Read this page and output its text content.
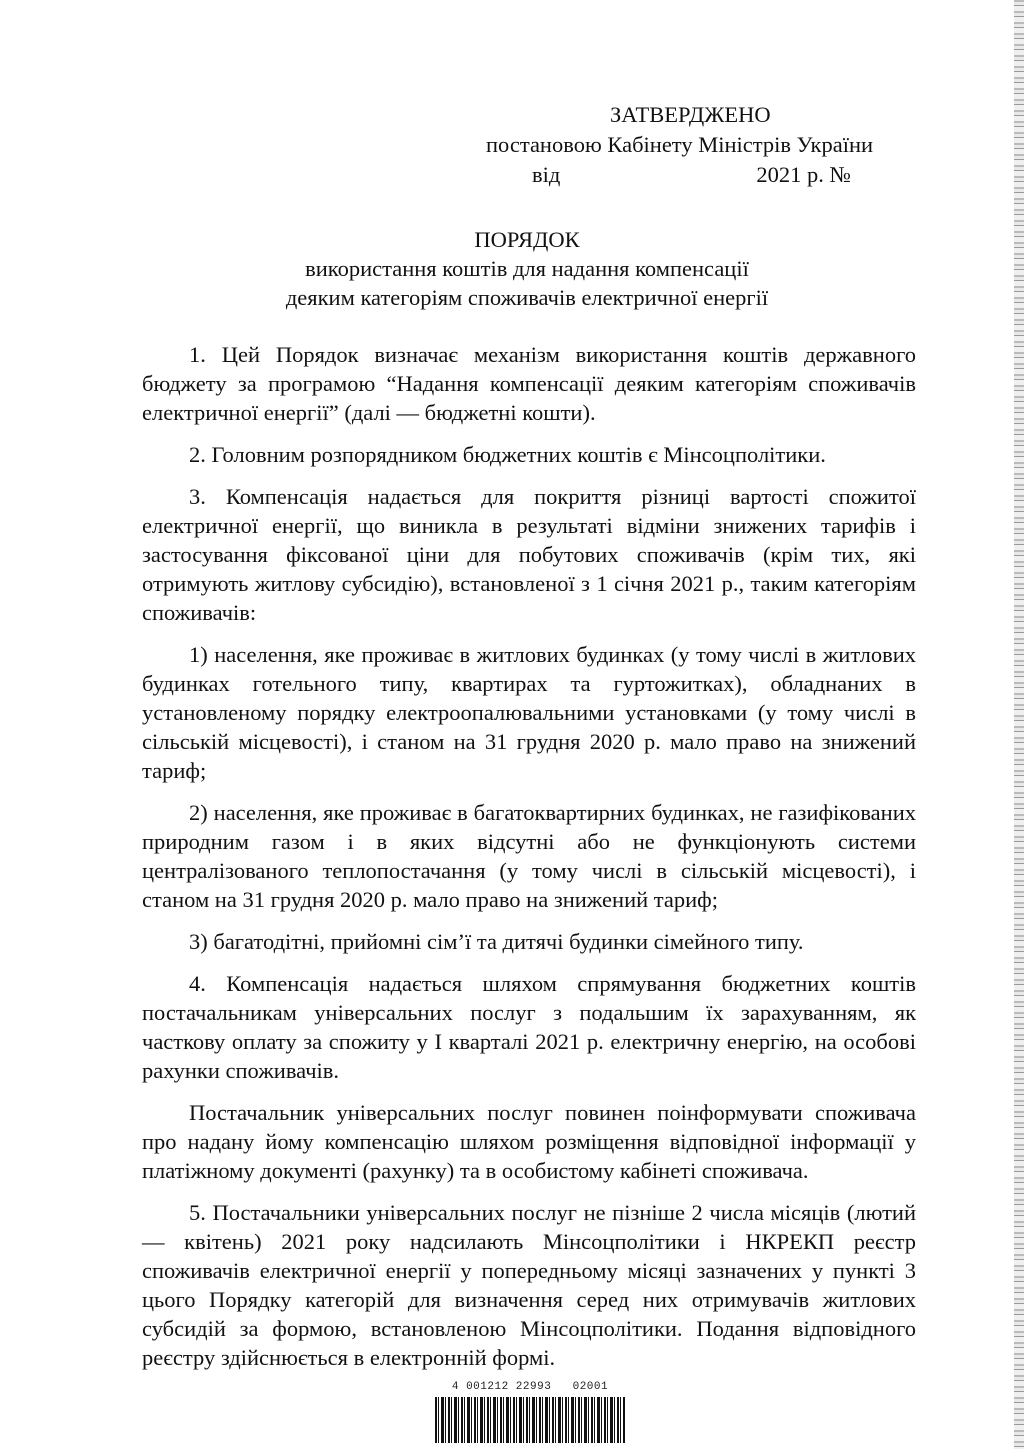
ЗАТВЕРДЖЕНО
постановою Кабінету Міністрів України
від	2021 р. №
ПОРЯДОК
використання коштів для надання компенсації
деяким категоріям споживачів електричної енергії

1. Цей Порядок визначає механізм використання коштів державного бюджету за програмою “Надання компенсації деяким категоріям споживачів електричної енергії” (далі — бюджетні кошти).

2. Головним розпорядником бюджетних коштів є Мінсоцполітики.

3. Компенсація надається для покриття різниці вартості спожитої електричної енергії, що виникла в результаті відміни знижених тарифів і застосування фіксованої ціни для побутових споживачів (крім тих, які отримують житлову субсидію), встановленої з 1 січня 2021 р., таким категоріям споживачів:

1) населення, яке проживає в житлових будинках (у тому числі в житлових будинках готельного типу, квартирах та гуртожитках), обладнаних в установленому порядку електроопалювальними установками (у тому числі в сільській місцевості), і станом на 31 грудня 2020 р. мало право на знижений тариф;

2) населення, яке проживає в багатоквартирних будинках, не газифікованих природним газом і в яких відсутні або не функціонують системи централізованого теплопостачання (у тому числі в сільській місцевості), і станом на 31 грудня 2020 р. мало право на знижений тариф;

3) багатодітні, прийомні сім’ї та дитячі будинки сімейного типу.

4. Компенсація надається шляхом спрямування бюджетних коштів постачальникам універсальних послуг з подальшим їх зарахуванням, як часткову оплату за спожиту у I кварталі 2021 р. електричну енергію, на особові рахунки споживачів.

Постачальник універсальних послуг повинен поінформувати споживача про надану йому компенсацію шляхом розміщення відповідної інформації у платіжному документі (рахунку) та в особистому кабінеті споживача.

5. Постачальники універсальних послуг не пізніше 2 числа місяців (лютий — квітень) 2021 року надсилають Мінсоцполітики і НКРЕКП реєстр споживачів електричної енергії у попередньому місяці зазначених у пункті 3 цього Порядку категорій для визначення серед них отримувачів житлових субсидій за формою, встановленою Мінсоцполітики. Подання відповідного реєстру здійснюється в електронній формі.

4 001212 22993   02001
